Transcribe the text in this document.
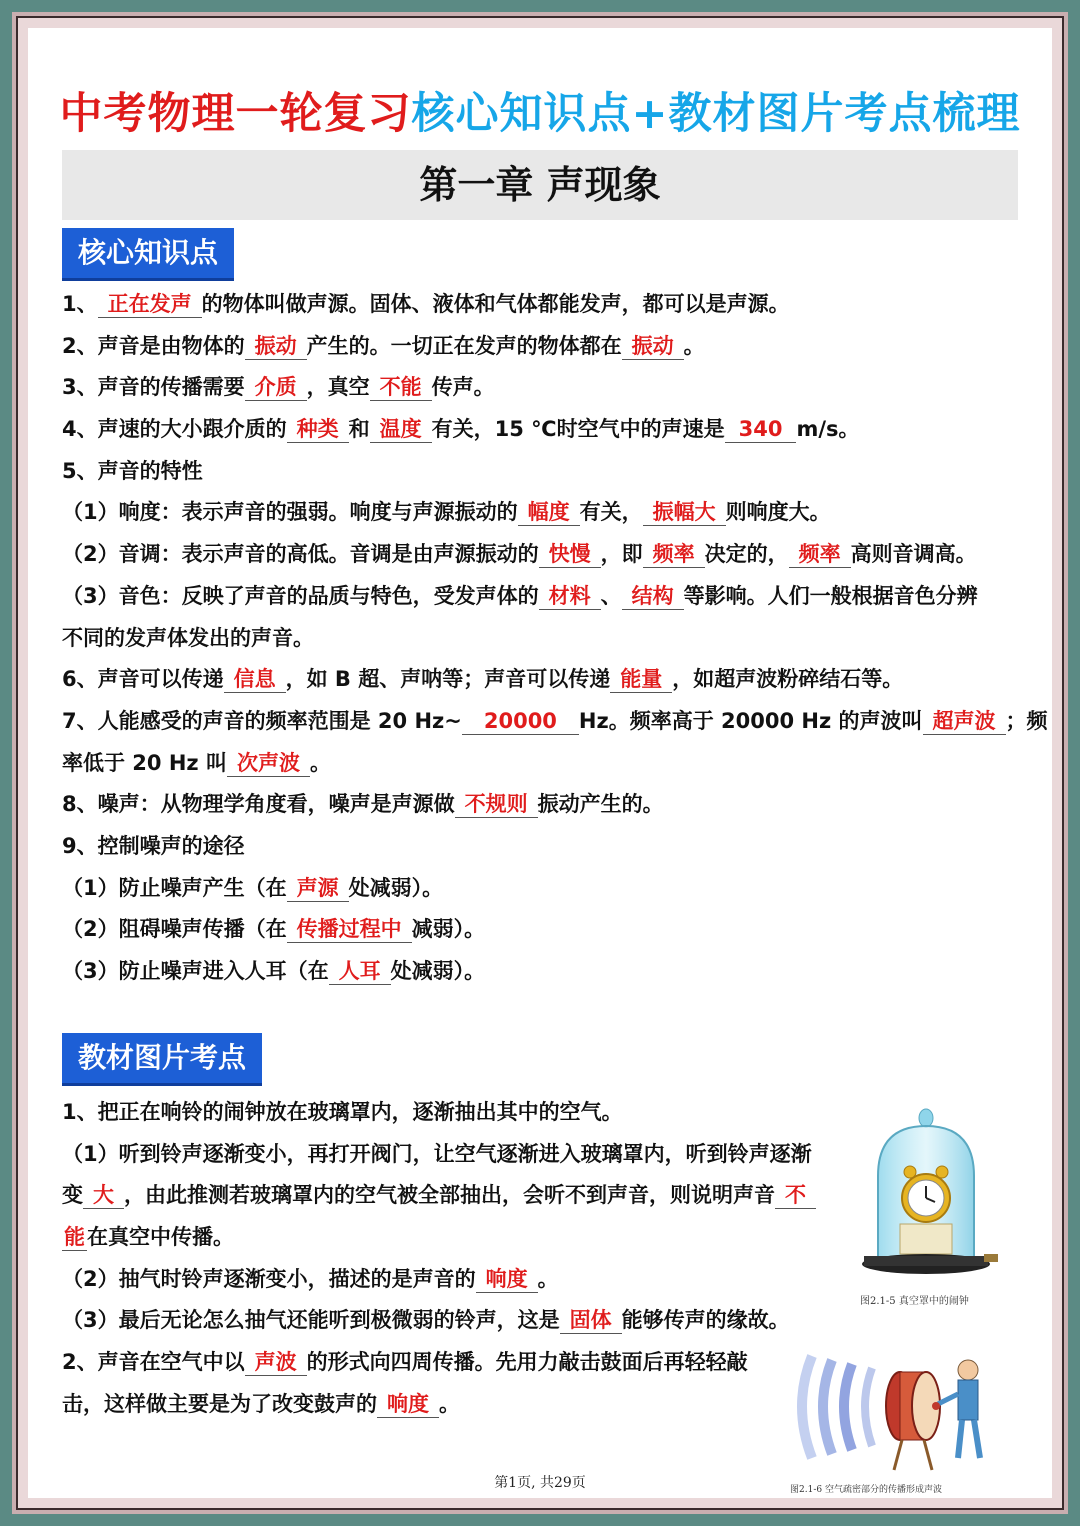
中考物理一轮复习核心知识点+教材图片考点梳理
第一章 声现象
核心知识点
1、 正在发声 的物体叫做声源。固体、液体和气体都能发声，都可以是声源。
2、声音是由物体的 振动 产生的。一切正在发声的物体都在 振动 。
3、声音的传播需要 介质 ，真空 不能 传声。
4、声速的大小跟介质的 种类 和 温度 有关，15 ℃时空气中的声速是 340 m/s。
5、声音的特性
（1）响度：表示声音的强弱。响度与声源振动的 幅度 有关， 振幅大 则响度大。
（2）音调：表示声音的高低。音调是由声源振动的 快慢 ，即 频率 决定的， 频率 高则音调高。
（3）音色：反映了声音的品质与特色，受发声体的 材料 、 结构 等影响。人们一般根据音色分辨
不同的发声体发出的声音。
6、声音可以传递 信息 ，如 B 超、声呐等；声音可以传递 能量 ，如超声波粉碎结石等。
7、人能感受的声音的频率范围是 20 Hz~ 20000 Hz。频率高于 20000 Hz 的声波叫 超声波 ；频
率低于 20 Hz 叫 次声波 。
8、噪声：从物理学角度看，噪声是声源做 不规则 振动产生的。
9、控制噪声的途径
（1）防止噪声产生（在 声源 处减弱）。
（2）阻碍噪声传播（在 传播过程中 减弱）。
（3）防止噪声进入人耳（在 人耳 处减弱）。
教材图片考点
1、把正在响铃的闹钟放在玻璃罩内，逐渐抽出其中的空气。
（1）听到铃声逐渐变小，再打开阀门，让空气逐渐进入玻璃罩内，听到铃声逐渐
变 大 ，由此推测若玻璃罩内的空气被全部抽出，会听不到声音，则说明声音 不
能在真空中传播。
（2）抽气时铃声逐渐变小，描述的是声音的 响度 。
（3）最后无论怎么抽气还能听到极微弱的铃声，这是 固体 能够传声的缘故。
2、声音在空气中以 声波 的形式向四周传播。先用力敲击鼓面后再轻轻敲
击，这样做主要是为了改变鼓声的 响度 。
图2.1-5 真空罩中的闹钟
图2.1-6 空气疏密部分的传播形成声波
第1页, 共29页
